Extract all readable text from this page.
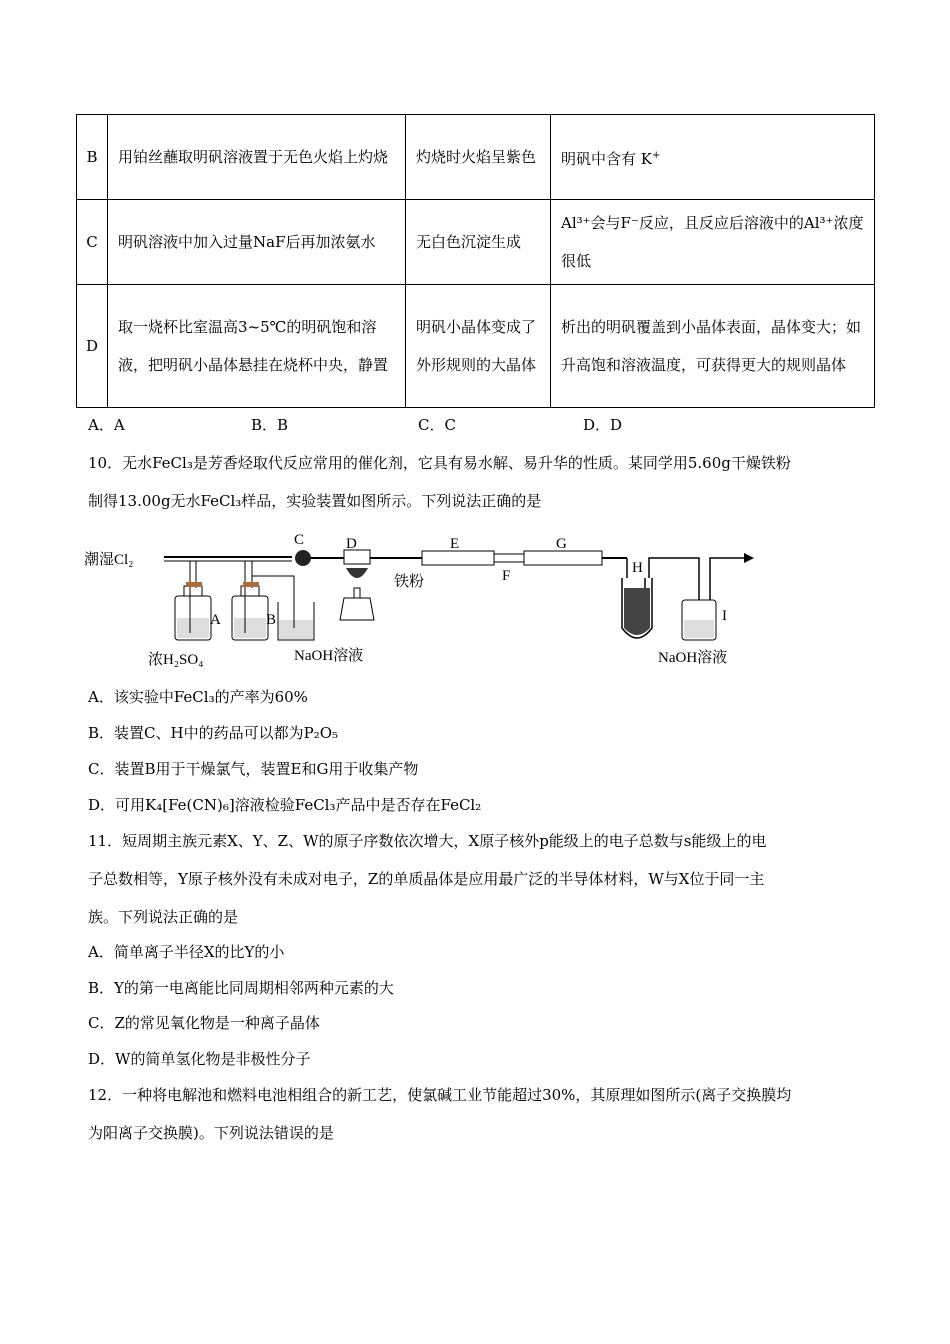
B	用铂丝蘸取明矾溶液置于无色火焰上灼烧	灼烧时火焰呈紫色	明矾中含有 K+
C	明矾溶液中加入过量NaF后再加浓氨水	无白色沉淀生成	Al³⁺会与F⁻反应，且反应后溶液中的Al³⁺浓度很低
D	取一烧杯比室温高3~5℃的明矾饱和溶液，把明矾小晶体悬挂在烧杯中央，静置	明矾小晶体变成了外形规则的大晶体	析出的明矾覆盖到小晶体表面，晶体变大；如升高饱和溶液温度，可获得更大的规则晶体
A．A	B．B	C．C	D．D
10．无水FeCl₃是芳香烃取代反应常用的催化剂，它具有易水解、易升华的性质。某同学用5.60g干燥铁粉
制得13.00g无水FeCl₃样品，实验装置如图所示。下列说法正确的是
潮湿Cl₂
A	B
浓H₂SO₄	NaOH溶液
C	D
铁粉
E
F
G
H
I
NaOH溶液
A．该实验中FeCl₃的产率为60%
B．装置C、H中的药品可以都为P₂O₅
C．装置B用于干燥氯气，装置E和G用于收集产物
D．可用K₄[Fe(CN)₆]溶液检验FeCl₃产品中是否存在FeCl₂
11．短周期主族元素X、Y、Z、W的原子序数依次增大，X原子核外p能级上的电子总数与s能级上的电
子总数相等，Y原子核外没有未成对电子，Z的单质晶体是应用最广泛的半导体材料，W与X位于同一主
族。下列说法正确的是
A．简单离子半径X的比Y的小
B．Y的第一电离能比同周期相邻两种元素的大
C．Z的常见氧化物是一种离子晶体
D．W的简单氢化物是非极性分子
12．一种将电解池和燃料电池相组合的新工艺，使氯碱工业节能超过30%，其原理如图所示(离子交换膜均
为阳离子交换膜)。下列说法错误的是
